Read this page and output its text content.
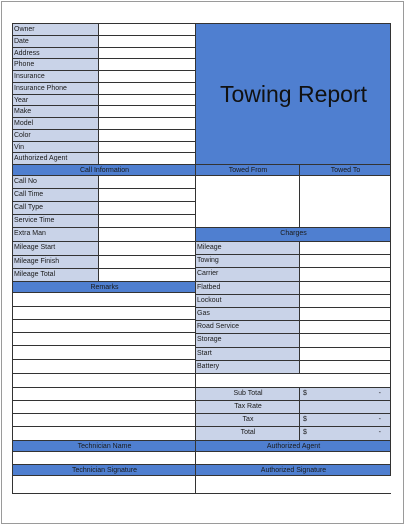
Owner
Date
Address
Phone
Insurance
Insurance Phone
Year
Make
Model
Color
Vin
Authorized Agent
Towing Report
Call Information	Towed From	Towed To
Call No
Call Time
Call Type
Service Time
Extra Man
Mileage Start
Mileage Finish
Mileage Total
Charges
Mileage
Towing
Carrier
Flatbed
Lockout
Gas
Road Service
Storage
Start
Battery
Remarks
Sub Total	$	-
Tax Rate
Tax	$	-
Total	$	-
Technician Name	Authorized Agent
Technician Signature	Authorized Signature
